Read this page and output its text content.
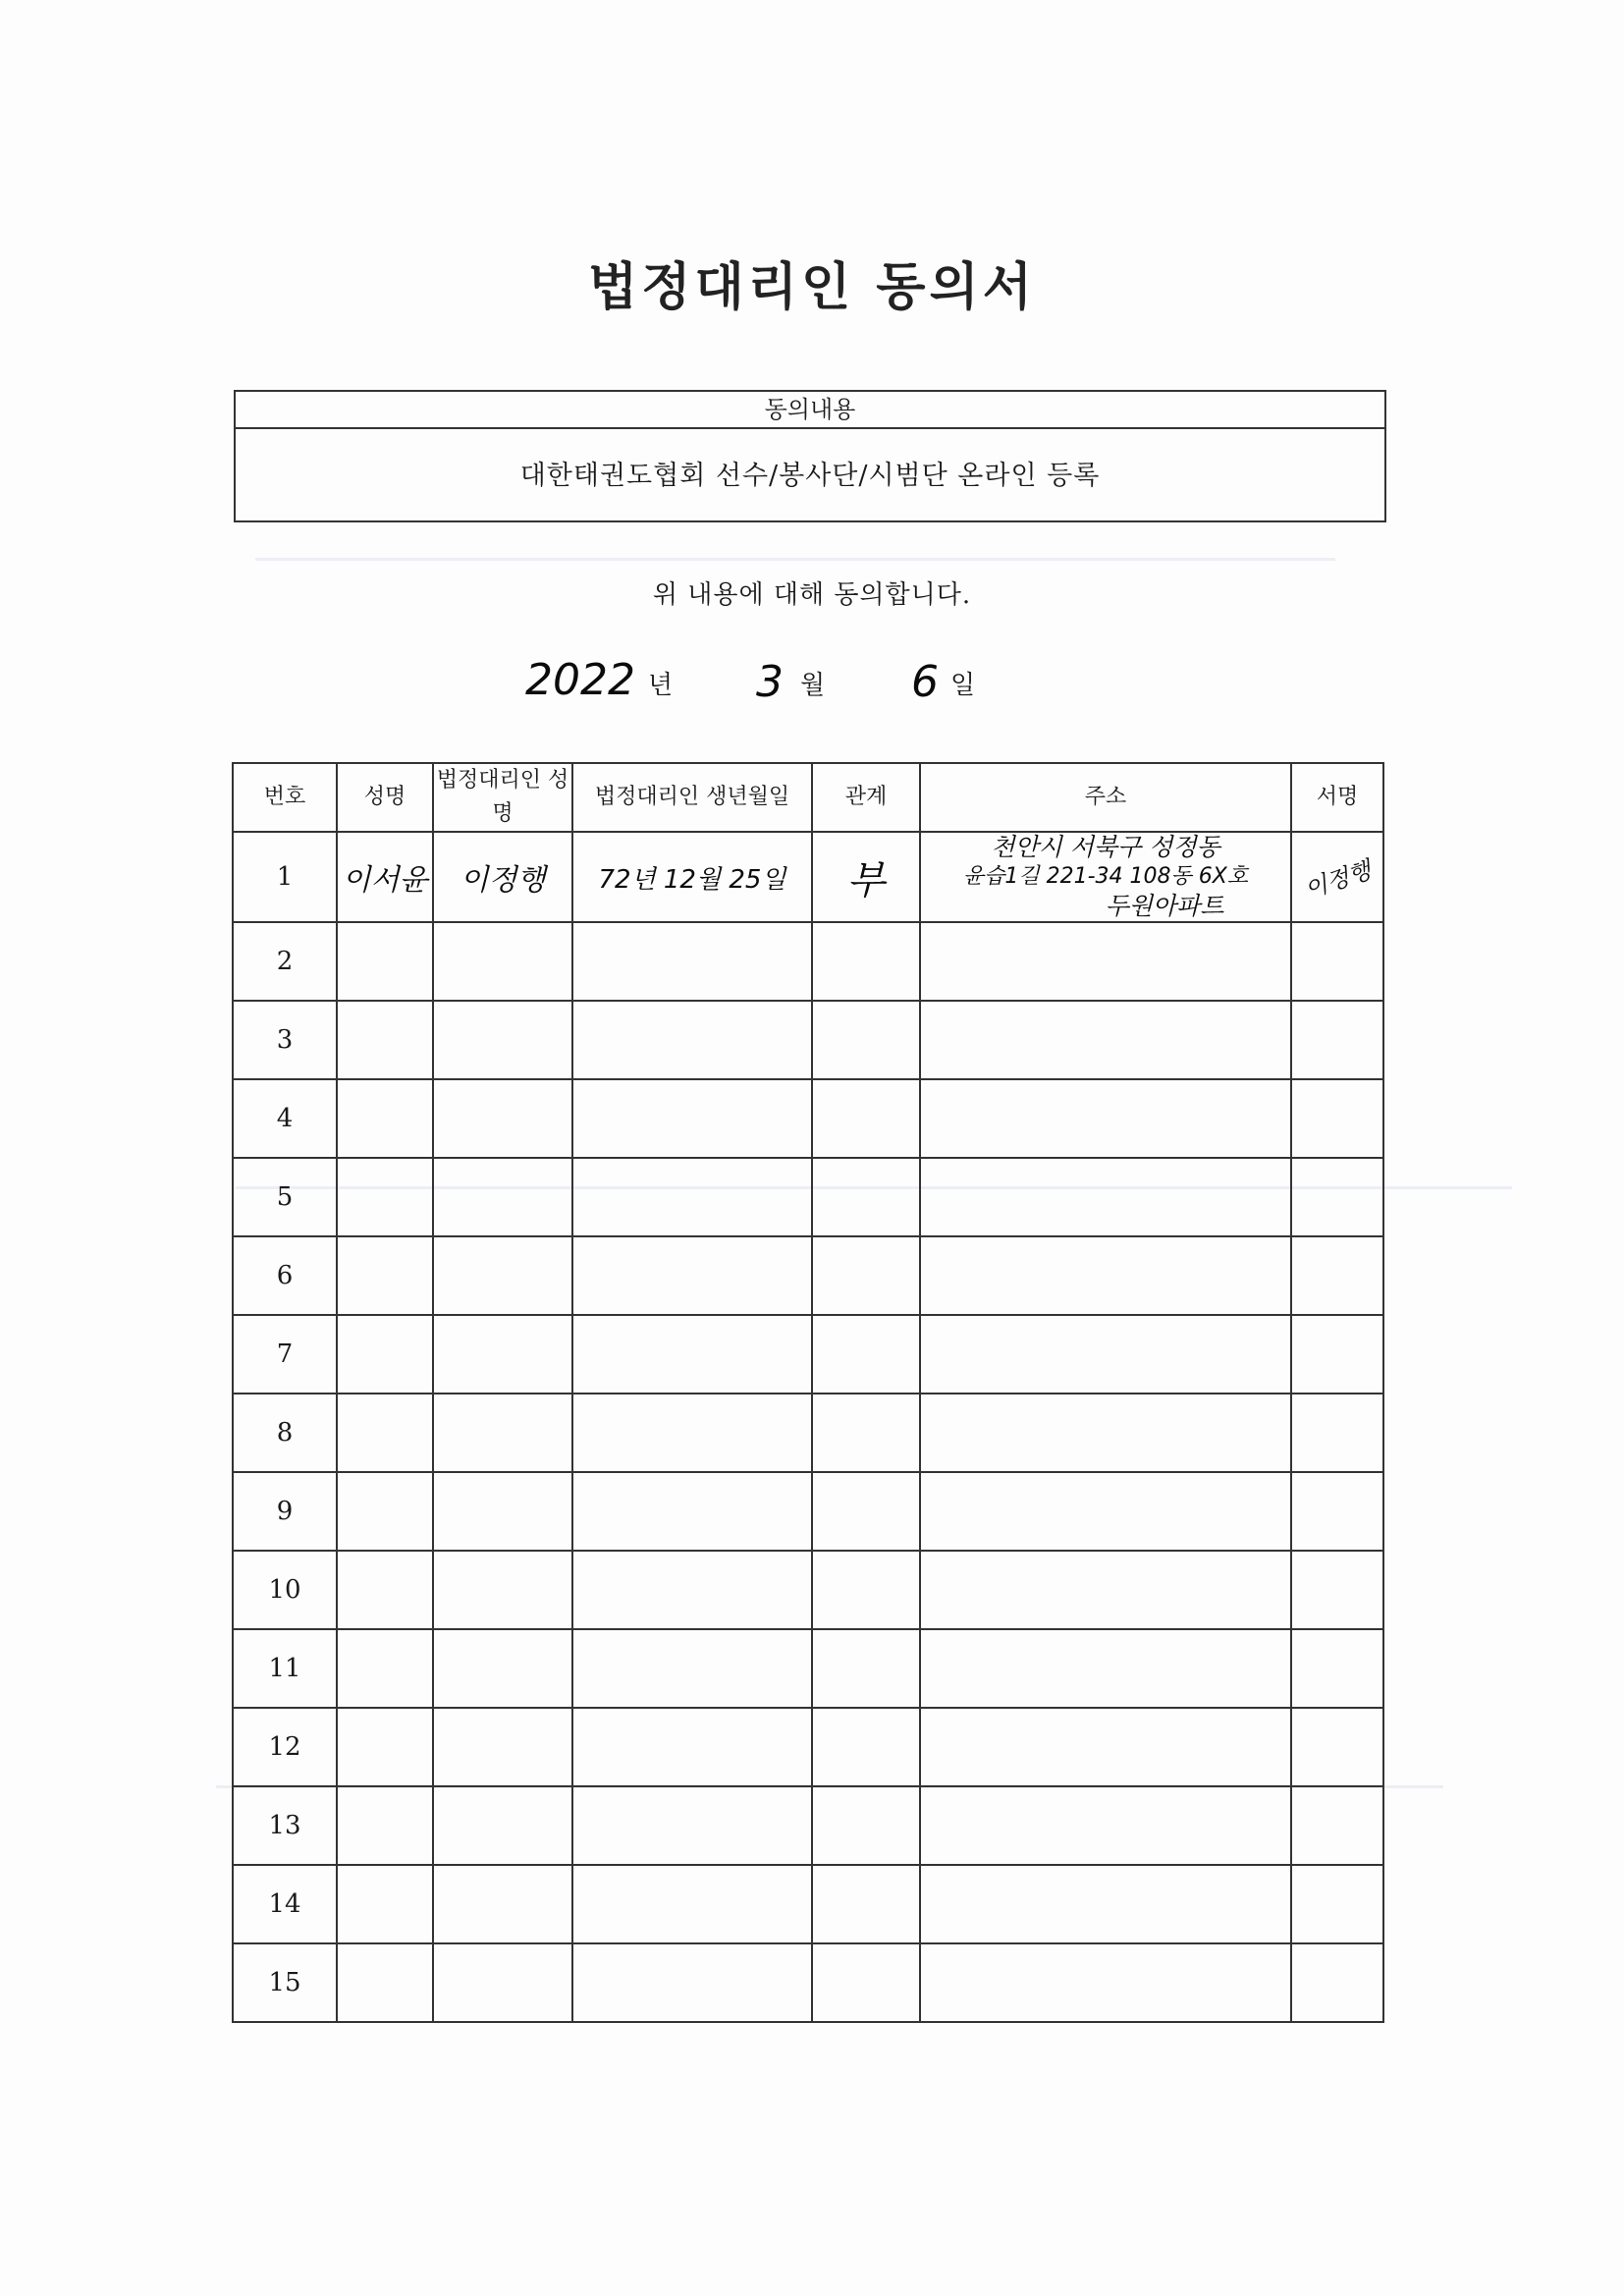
법정대리인 동의서
동의내용
대한태권도협회 선수/봉사단/시범단 온라인 등록
위 내용에 대해 동의합니다.
2022 년 3 월 6 일
번호	성명	법정대리인 성명	법정대리인 생년월일	관계	주소	서명
1	이서윤	이정행	72년 12월 25일	부	천안시 서북구 성정동
윤습1길 221-34 108동 6X호
두원아파트	이정행
2						
3						
4						
5						
6						
7						
8						
9						
10						
11						
12						
13						
14						
15						
